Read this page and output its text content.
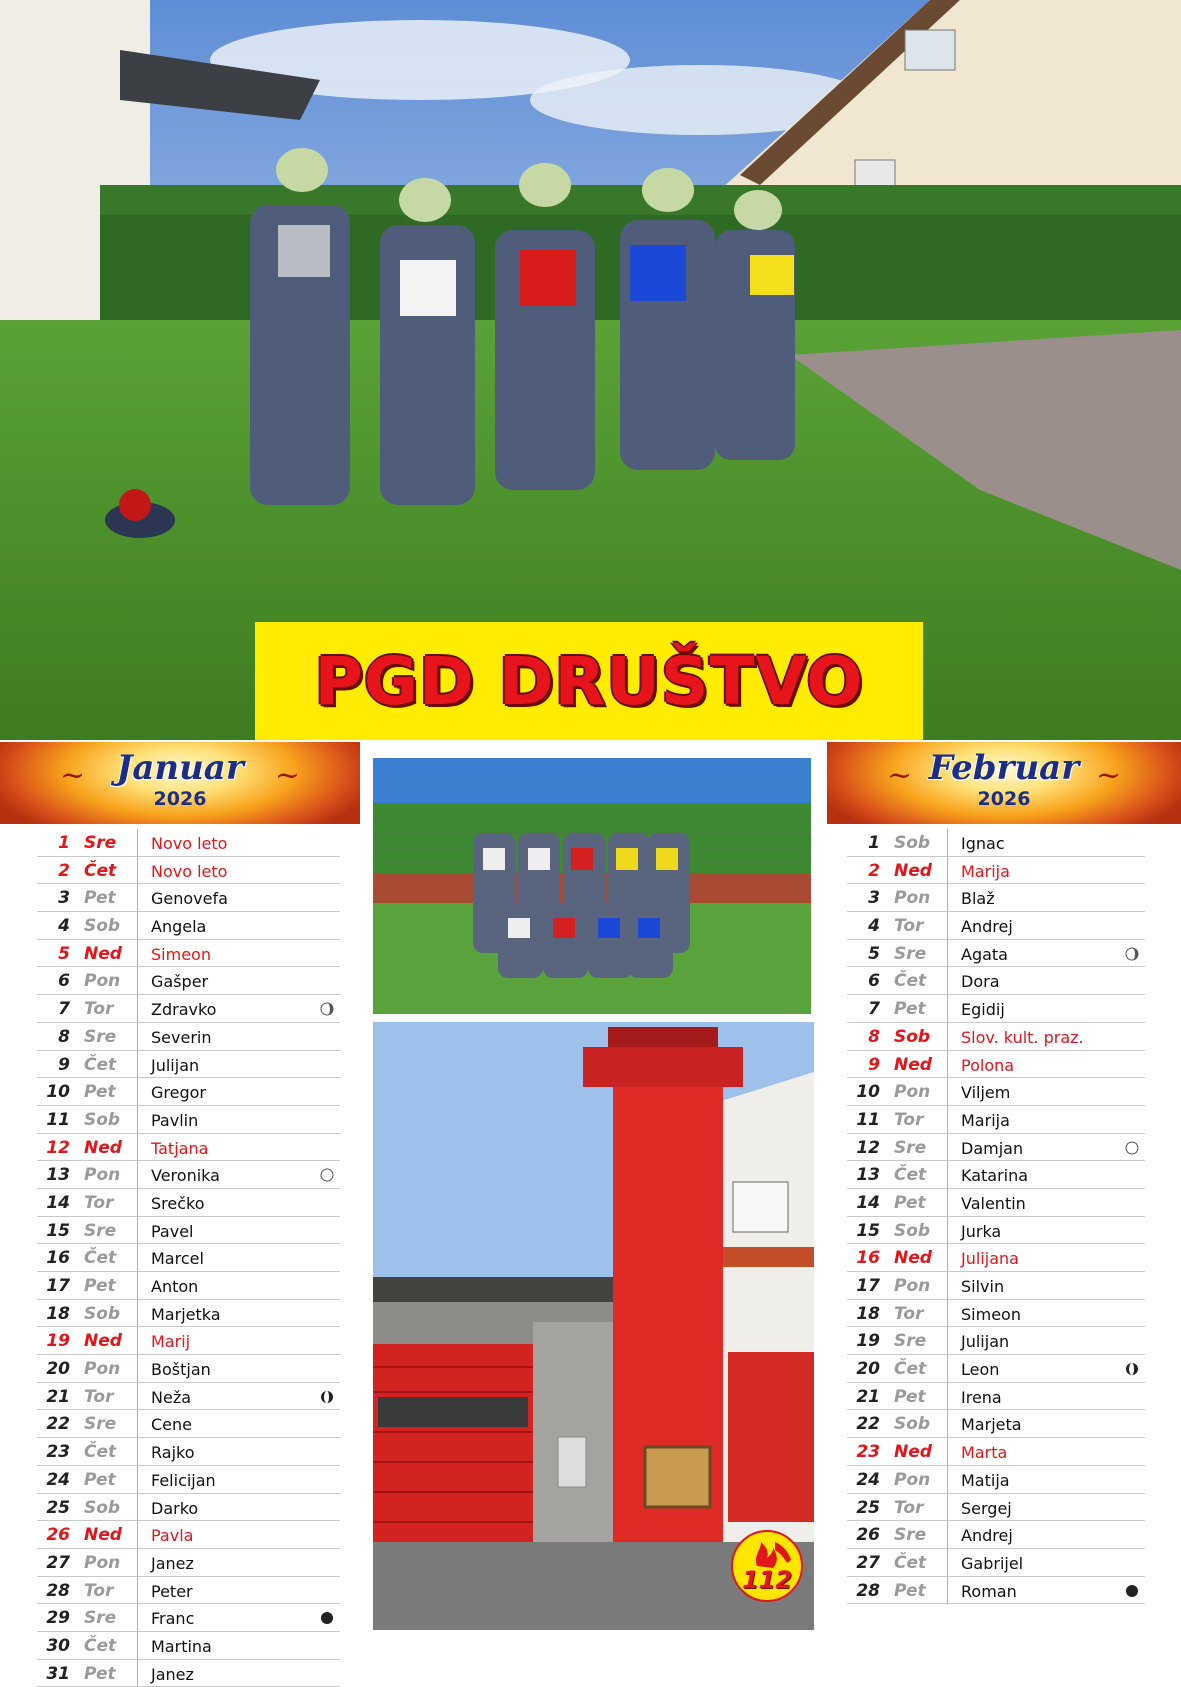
PGD DRUŠTVO
~	~
Januar
2026
~	~
Februar
2026
1 Sre Novo leto
2 Čet Novo leto
3 Pet Genovefa
4 Sob Angela
5 Ned Simeon
6 Pon Gašper
7 Tor Zdravko
8 Sre Severin
9 Čet Julijan
10 Pet Gregor
11 Sob Pavlin
12 Ned Tatjana
13 Pon Veronika
14 Tor Srečko
15 Sre Pavel
16 Čet Marcel
17 Pet Anton
18 Sob Marjetka
19 Ned Marij
20 Pon Boštjan
21 Tor Neža
22 Sre Cene
23 Čet Rajko
24 Pet Felicijan
25 Sob Darko
26 Ned Pavla
27 Pon Janez
28 Tor Peter
29 Sre Franc
30 Čet Martina
31 Pet Janez
1 Sob Ignac
2 Ned Marija
3 Pon Blaž
4 Tor Andrej
5 Sre Agata
6 Čet Dora
7 Pet Egidij
8 Sob Slov. kult. praz.
9 Ned Polona
10 Pon Viljem
11 Tor Marija
12 Sre Damjan
13 Čet Katarina
14 Pet Valentin
15 Sob Jurka
16 Ned Julijana
17 Pon Silvin
18 Tor Simeon
19 Sre Julijan
20 Čet Leon
21 Pet Irena
22 Sob Marjeta
23 Ned Marta
24 Pon Matija
25 Tor Sergej
26 Sre Andrej
27 Čet Gabrijel
28 Pet Roman
112
